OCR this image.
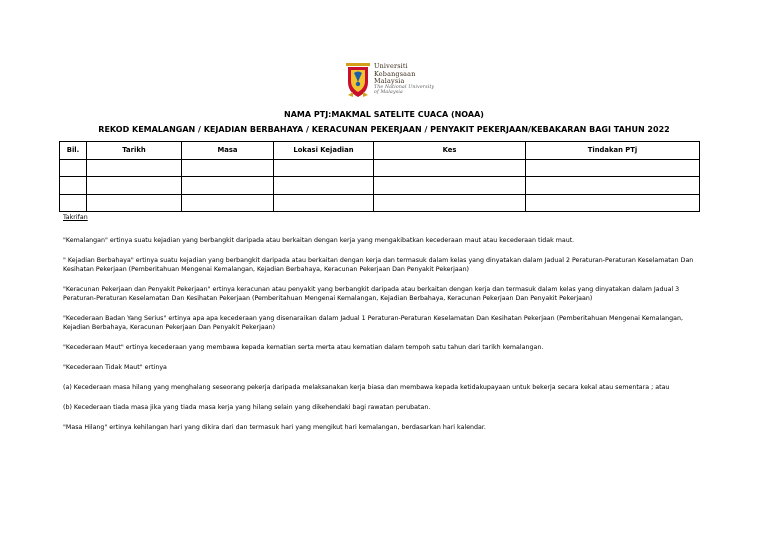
Universiti
Kebangsaan
Malaysia
The National University
of Malaysia
NAMA PTJ:MAKMAL SATELITE CUACA (NOAA)
REKOD KEMALANGAN / KEJADIAN BERBAHAYA / KERACUNAN PEKERJAAN / PENYAKIT PEKERJAAN/KEBAKARAN BAGI TAHUN 2022
Bil.	Tarikh	Masa	Lokasi Kejadian	Kes	Tindakan PTj

Takrifan

"Kemalangan" ertinya suatu kejadian yang berbangkit daripada atau berkaitan dengan kerja yang mengakibatkan kecederaan maut atau kecederaan tidak maut.

" Kejadian Berbahaya" ertinya suatu kejadian yang berbangkit daripada atau berkaitan dengan kerja dan termasuk dalam kelas yang dinyatakan dalam Jadual 2 Peraturan-Peraturan Keselamatan Dan Kesihatan Pekerjaan (Pemberitahuan Mengenai Kemalangan, Kejadian Berbahaya, Keracunan Pekerjaan Dan Penyakit Pekerjaan)

"Keracunan Pekerjaan dan Penyakit Pekerjaan" ertinya keracunan atau penyakit yang berbangkit daripada atau berkaitan dengan kerja dan termasuk dalam kelas yang dinyatakan dalam Jadual 3 Peraturan-Peraturan Keselamatan Dan Kesihatan Pekerjaan (Pemberitahuan Mengenai Kemalangan, Kejadian Berbahaya, Keracunan Pekerjaan Dan Penyakit Pekerjaan)

"Kecederaan Badan Yang Serius" ertinya apa apa kecederaan yang disenaraikan dalam Jadual 1 Peraturan-Peraturan Keselamatan Dan Kesihatan Pekerjaan (Pemberitahuan Mengenai Kemalangan, Kejadian Berbahaya, Keracunan Pekerjaan Dan Penyakit Pekerjaan)

"Kecederaan Maut" ertinya kecederaan yang membawa kepada kematian serta merta atau kematian dalam tempoh satu tahun dari tarikh kemalangan.

"Kecederaan Tidak Maut" ertinya

(a) Kecederaan masa hilang yang menghalang seseorang pekerja daripada melaksanakan kerja biasa dan membawa kepada ketidakupayaan untuk bekerja secara kekal atau sementara ; atau

(b) Kecederaan tiada masa jika yang tiada masa kerja yang hilang selain yang dikehendaki bagi rawatan perubatan.

"Masa Hilang" ertinya kehilangan hari yang dikira dari dan termasuk hari yang mengikut hari kemalangan, berdasarkan hari kalendar.
